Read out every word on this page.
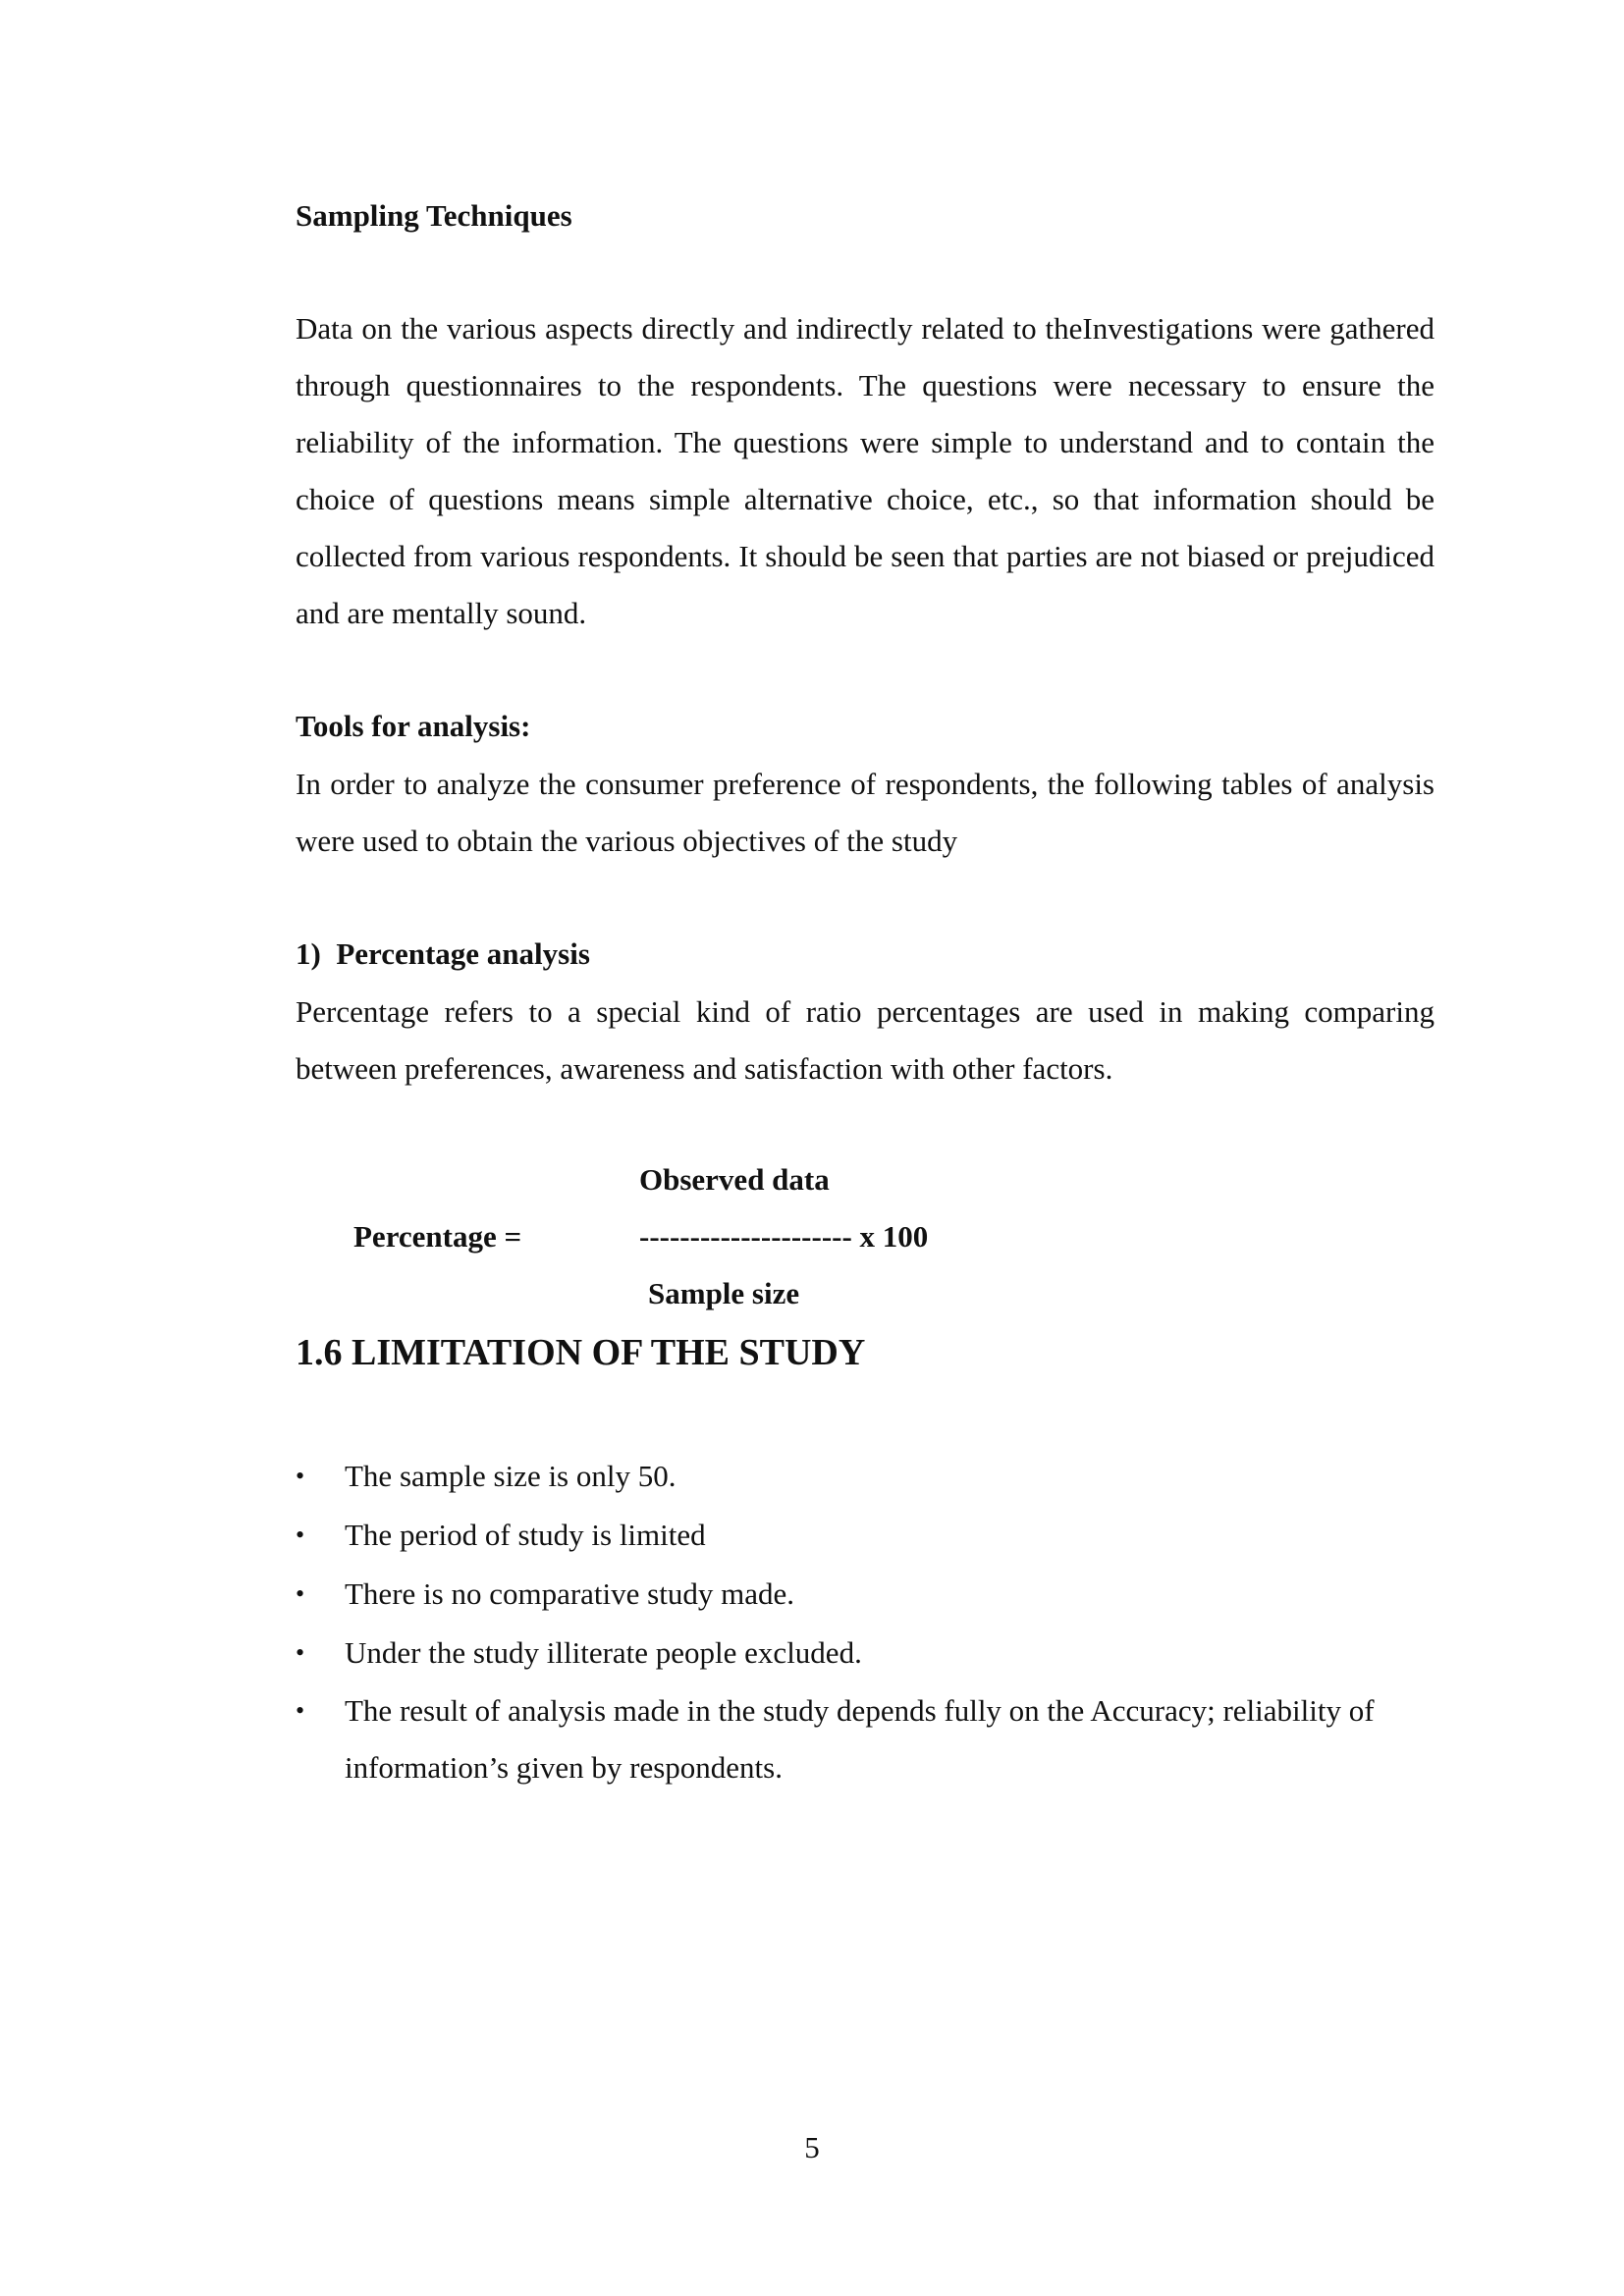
Sampling Techniques

Data on the various aspects directly and indirectly related to theInvestigations were gathered through questionnaires to the respondents. The questions were necessary to ensure the reliability of the information. The questions were simple to understand and to contain the choice of questions means simple alternative choice, etc., so that information should be collected from various respondents. It should be seen that parties are not biased or prejudiced and are mentally sound.

Tools for analysis:

In order to analyze the consumer preference of respondents, the following tables of analysis were used to obtain the various objectives of the study

1)  Percentage analysis

Percentage refers to a special kind of ratio percentages are used in making comparing between preferences, awareness and satisfaction with other factors.

Observed data
Percentage =	--------------------- x 100
Sample size

1.6 LIMITATION OF THE STUDY

• The sample size is only 50.
• The period of study is limited
• There is no comparative study made.
• Under the study illiterate people excluded.
• The result of analysis made in the study depends fully on the Accuracy; reliability of information’s given by respondents.
5
